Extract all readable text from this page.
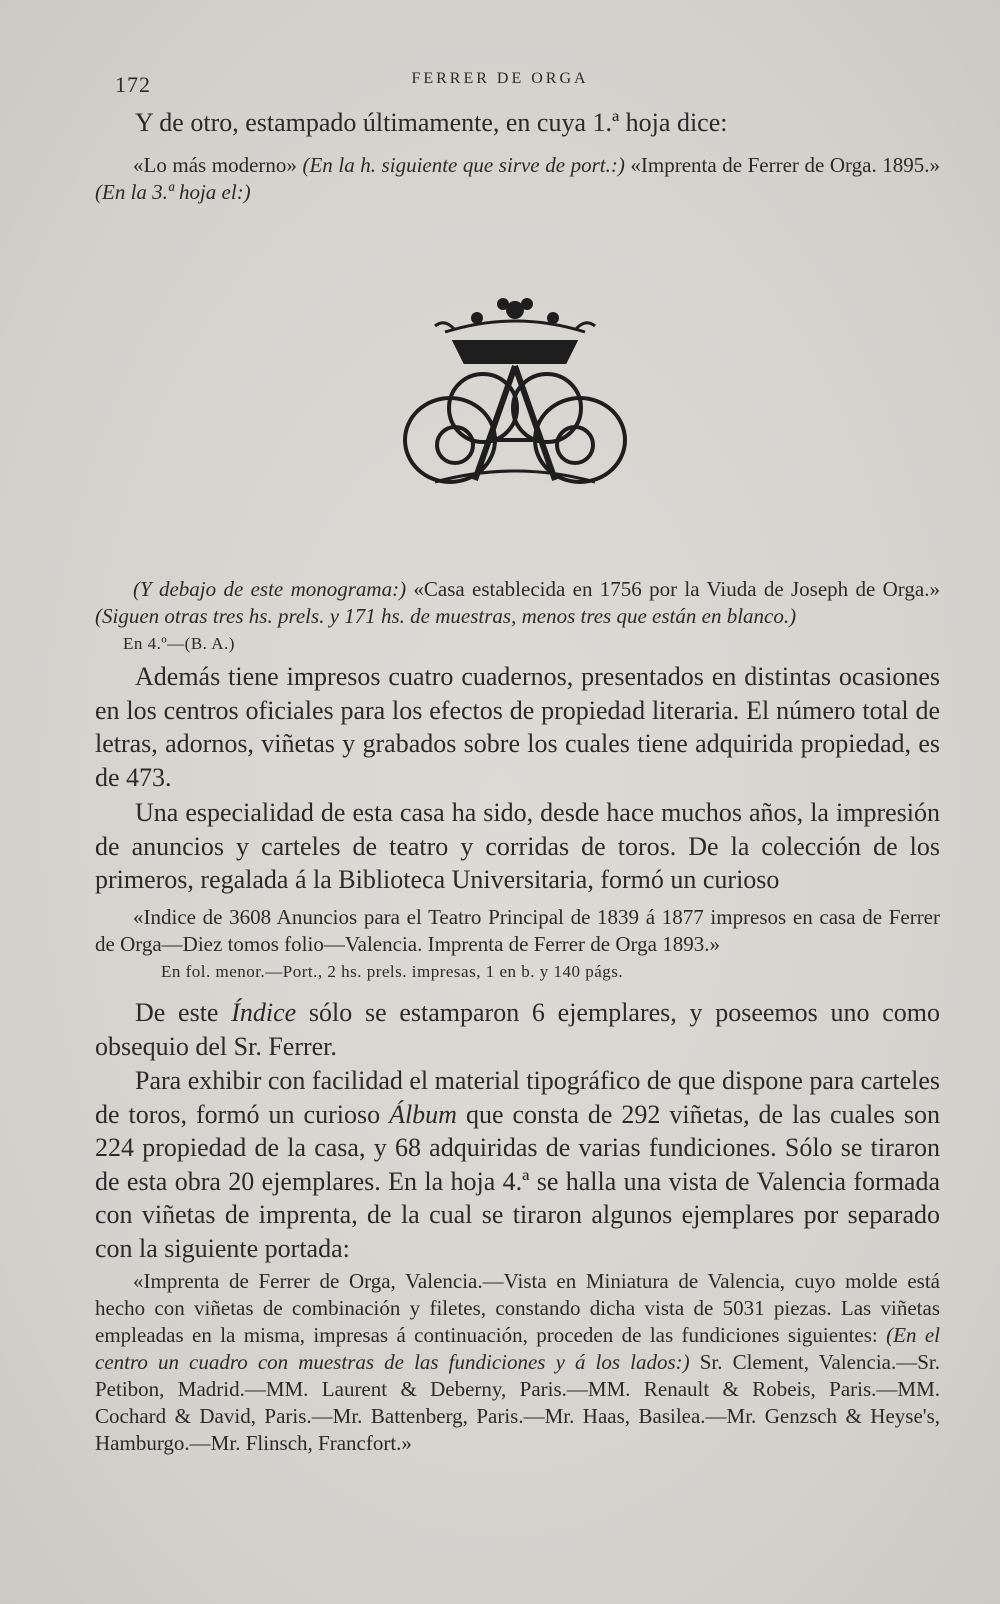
172	FERRER DE ORGA

Y de otro, estampado últimamente, en cuya 1.ª hoja dice:

«Lo más moderno» (En la h. siguiente que sirve de port.:) «Imprenta de Ferrer de Orga. 1895.» (En la 3.ª hoja el:)

(Y debajo de este monograma:) «Casa establecida en 1756 por la Viuda de Joseph de Orga.» (Siguen otras tres hs. prels. y 171 hs. de muestras, menos tres que están en blanco.)

En 4.º—(B. A.)

Además tiene impresos cuatro cuadernos, presentados en distintas ocasiones en los centros oficiales para los efectos de propiedad literaria. El número total de letras, adornos, viñetas y grabados sobre los cuales tiene adquirida propiedad, es de 473.

Una especialidad de esta casa ha sido, desde hace muchos años, la impresión de anuncios y carteles de teatro y corridas de toros. De la colección de los primeros, regalada á la Biblioteca Universitaria, formó un curioso

«Indice de 3608 Anuncios para el Teatro Principal de 1839 á 1877 impresos en casa de Ferrer de Orga—Diez tomos folio—Valencia. Imprenta de Ferrer de Orga 1893.»

En fol. menor.—Port., 2 hs. prels. impresas, 1 en b. y 140 págs.

De este Índice sólo se estamparon 6 ejemplares, y poseemos uno como obsequio del Sr. Ferrer.

Para exhibir con facilidad el material tipográfico de que dispone para carteles de toros, formó un curioso Álbum que consta de 292 viñetas, de las cuales son 224 propiedad de la casa, y 68 adquiridas de varias fundiciones. Sólo se tiraron de esta obra 20 ejemplares. En la hoja 4.ª se halla una vista de Valencia formada con viñetas de imprenta, de la cual se tiraron algunos ejemplares por separado con la siguiente portada:

«Imprenta de Ferrer de Orga, Valencia.—Vista en Miniatura de Valencia, cuyo molde está hecho con viñetas de combinación y filetes, constando dicha vista de 5031 piezas. Las viñetas empleadas en la misma, impresas á continuación, proceden de las fundiciones siguientes: (En el centro un cuadro con muestras de las fundiciones y á los lados:) Sr. Clement, Valencia.—Sr. Petibon, Madrid.—MM. Laurent & Deberny, Paris.—MM. Renault & Robeis, Paris.—MM. Cochard & David, Paris.—Mr. Battenberg, Paris.—Mr. Haas, Basilea.—Mr. Genzsch & Heyse's, Hamburgo.—Mr. Flinsch, Francfort.»
